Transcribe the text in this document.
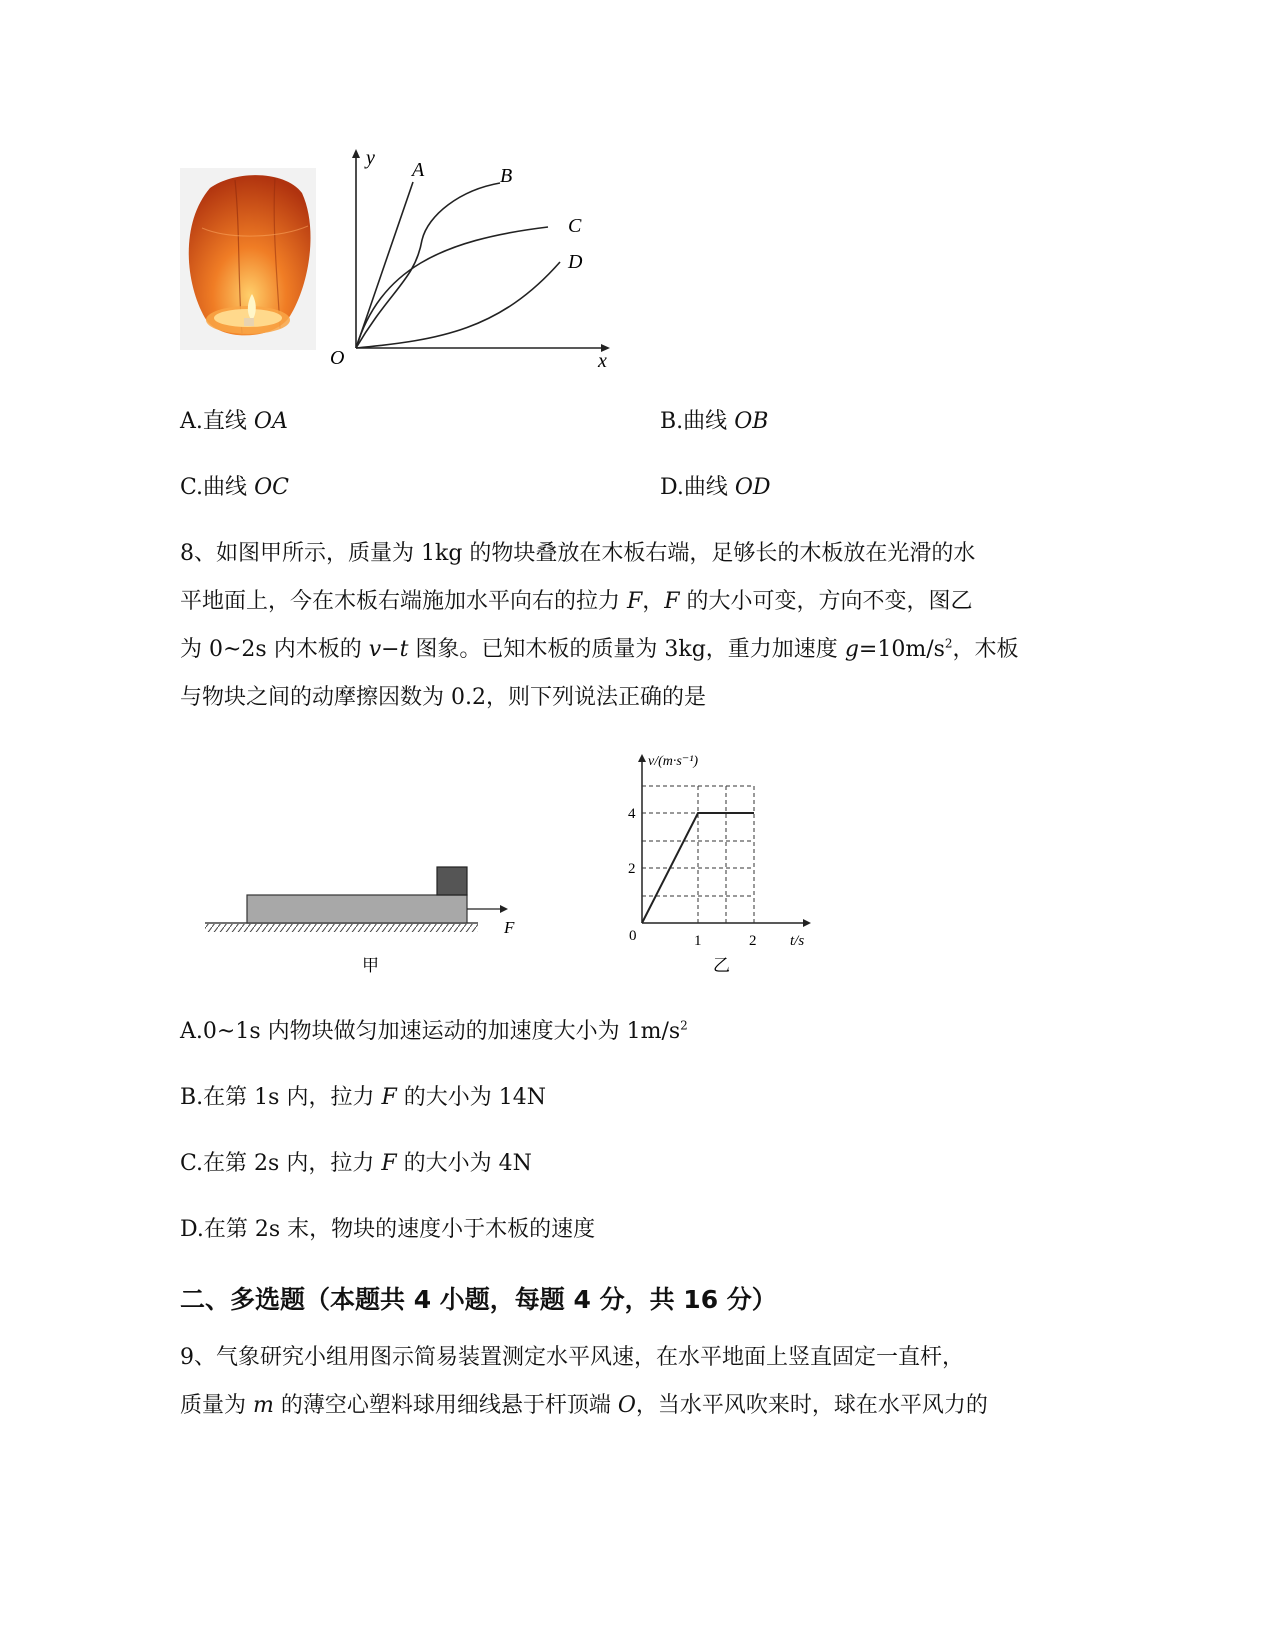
y
x
O
A	B
C
D
A.直线 OA	B.曲线 OB
C.曲线 OC	D.曲线 OD

8、如图甲所示，质量为 1kg 的物块叠放在木板右端，足够长的木板放在光滑的水

平地面上，今在木板右端施加水平向右的拉力 F，F 的大小可变，方向不变，图乙

为 0~2s 内木板的 v−t 图象。已知木板的质量为 3kg，重力加速度 $g=10m/s^2$，木板

与物块之间的动摩擦因数为 0.2，则下列说法正确的是

F
甲
v/(m·s⁻¹)
4
2
0	1	2 t/s
乙
A.0~1s 内物块做匀加速运动的加速度大小为 $1m/s^2$
B.在第 1s 内，拉力 F 的大小为 14N
C.在第 2s 内，拉力 F 的大小为 4N
D.在第 2s 末，物块的速度小于木板的速度
二、多选题（本题共 4 小题，每题 4 分，共 16 分）

9、气象研究小组用图示简易装置测定水平风速，在水平地面上竖直固定一直杆，

质量为 m 的薄空心塑料球用细线悬于杆顶端 O，当水平风吹来时，球在水平风力的
